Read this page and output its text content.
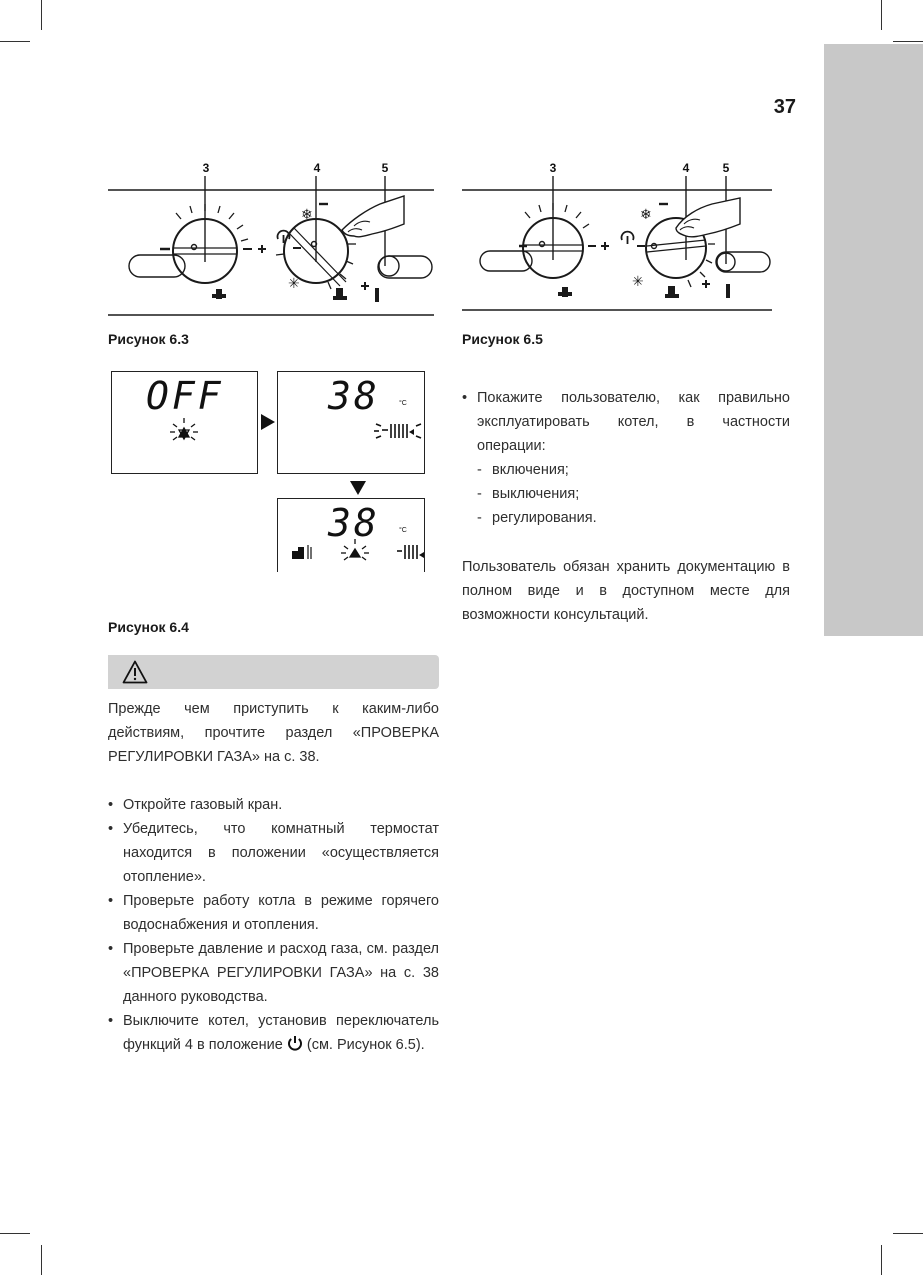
37
3	4	5
❄
✳
Рисунок 6.3
3	4	5
❄
✳
Рисунок 6.5
OFF	38	°C
38	°C
Рисунок 6.4
Прежде чем приступить к каким-либо действиям, прочтите раздел «ПРОВЕРКА РЕГУЛИРОВКИ ГАЗА» на с. 38.
• Откройте газовый кран.
• Убедитесь, что комнатный термостат находится в положении «осуществляется отопление».
• Проверьте работу котла в режиме горячего водоснабжения и отопления.
• Проверьте давление и расход газа, см. раздел «ПРОВЕРКА РЕГУЛИРОВКИ ГАЗА» на с. 38 данного руководства.
• Выключите котел, установив переключатель функций 4 в положение (см. Рисунок 6.5).
• Покажите пользователю, как правильно эксплуатировать котел, в частности операции:
- включения;
- выключения;
- регулирования.
Пользователь обязан хранить документацию в полном виде и в доступном месте для возможности консультаций.
